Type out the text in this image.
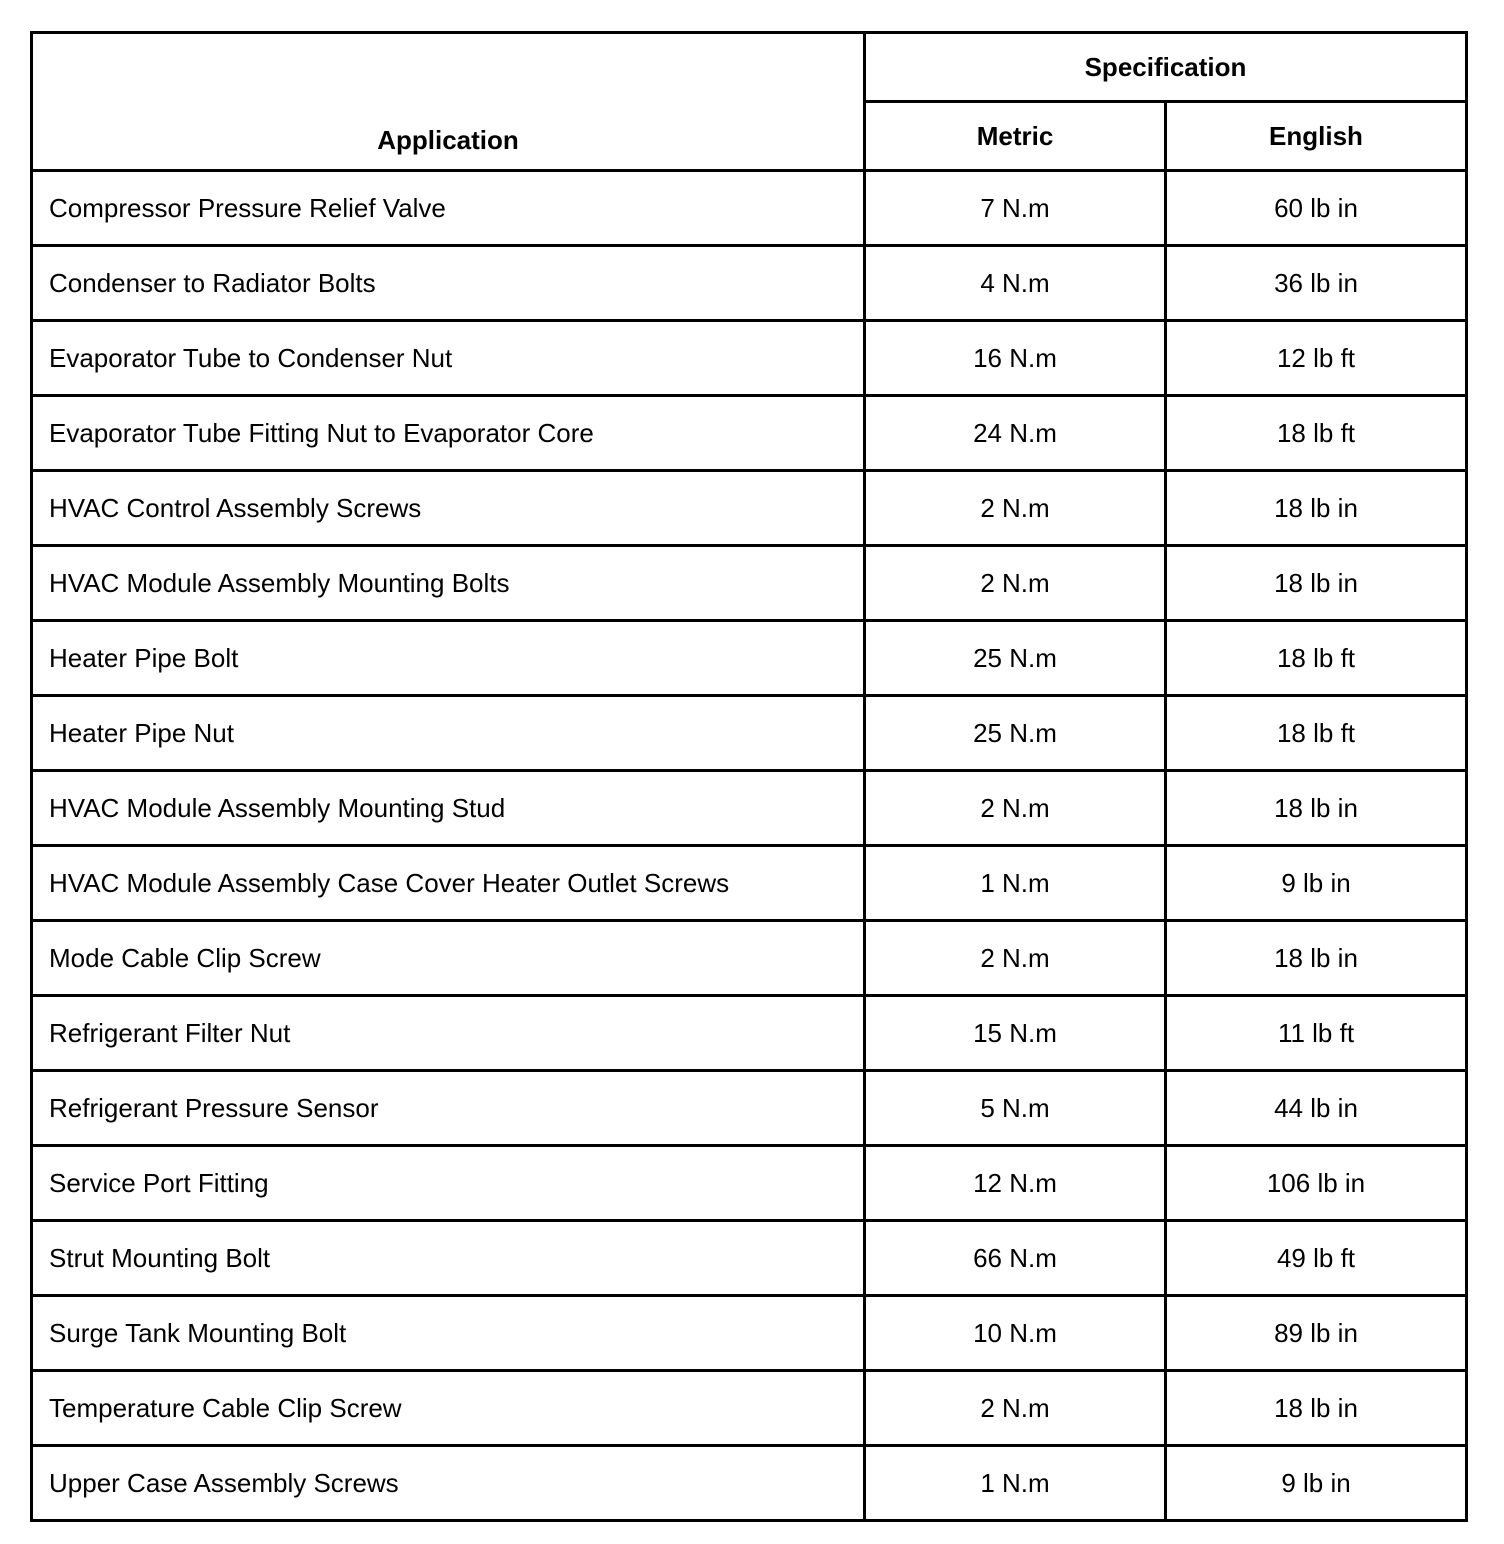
Application	Specification	
	Metric	English
Compressor Pressure Relief Valve	7 N.m	60 lb in
Condenser to Radiator Bolts	4 N.m	36 lb in
Evaporator Tube to Condenser Nut	16 N.m	12 lb ft
Evaporator Tube Fitting Nut to Evaporator Core	24 N.m	18 lb ft
HVAC Control Assembly Screws	2 N.m	18 lb in
HVAC Module Assembly Mounting Bolts	2 N.m	18 lb in
Heater Pipe Bolt	25 N.m	18 lb ft
Heater Pipe Nut	25 N.m	18 lb ft
HVAC Module Assembly Mounting Stud	2 N.m	18 lb in
HVAC Module Assembly Case Cover Heater Outlet Screws	1 N.m	9 lb in
Mode Cable Clip Screw	2 N.m	18 lb in
Refrigerant Filter Nut	15 N.m	11 lb ft
Refrigerant Pressure Sensor	5 N.m	44 lb in
Service Port Fitting	12 N.m	106 lb in
Strut Mounting Bolt	66 N.m	49 lb ft
Surge Tank Mounting Bolt	10 N.m	89 lb in
Temperature Cable Clip Screw	2 N.m	18 lb in
Upper Case Assembly Screws	1 N.m	9 lb in
